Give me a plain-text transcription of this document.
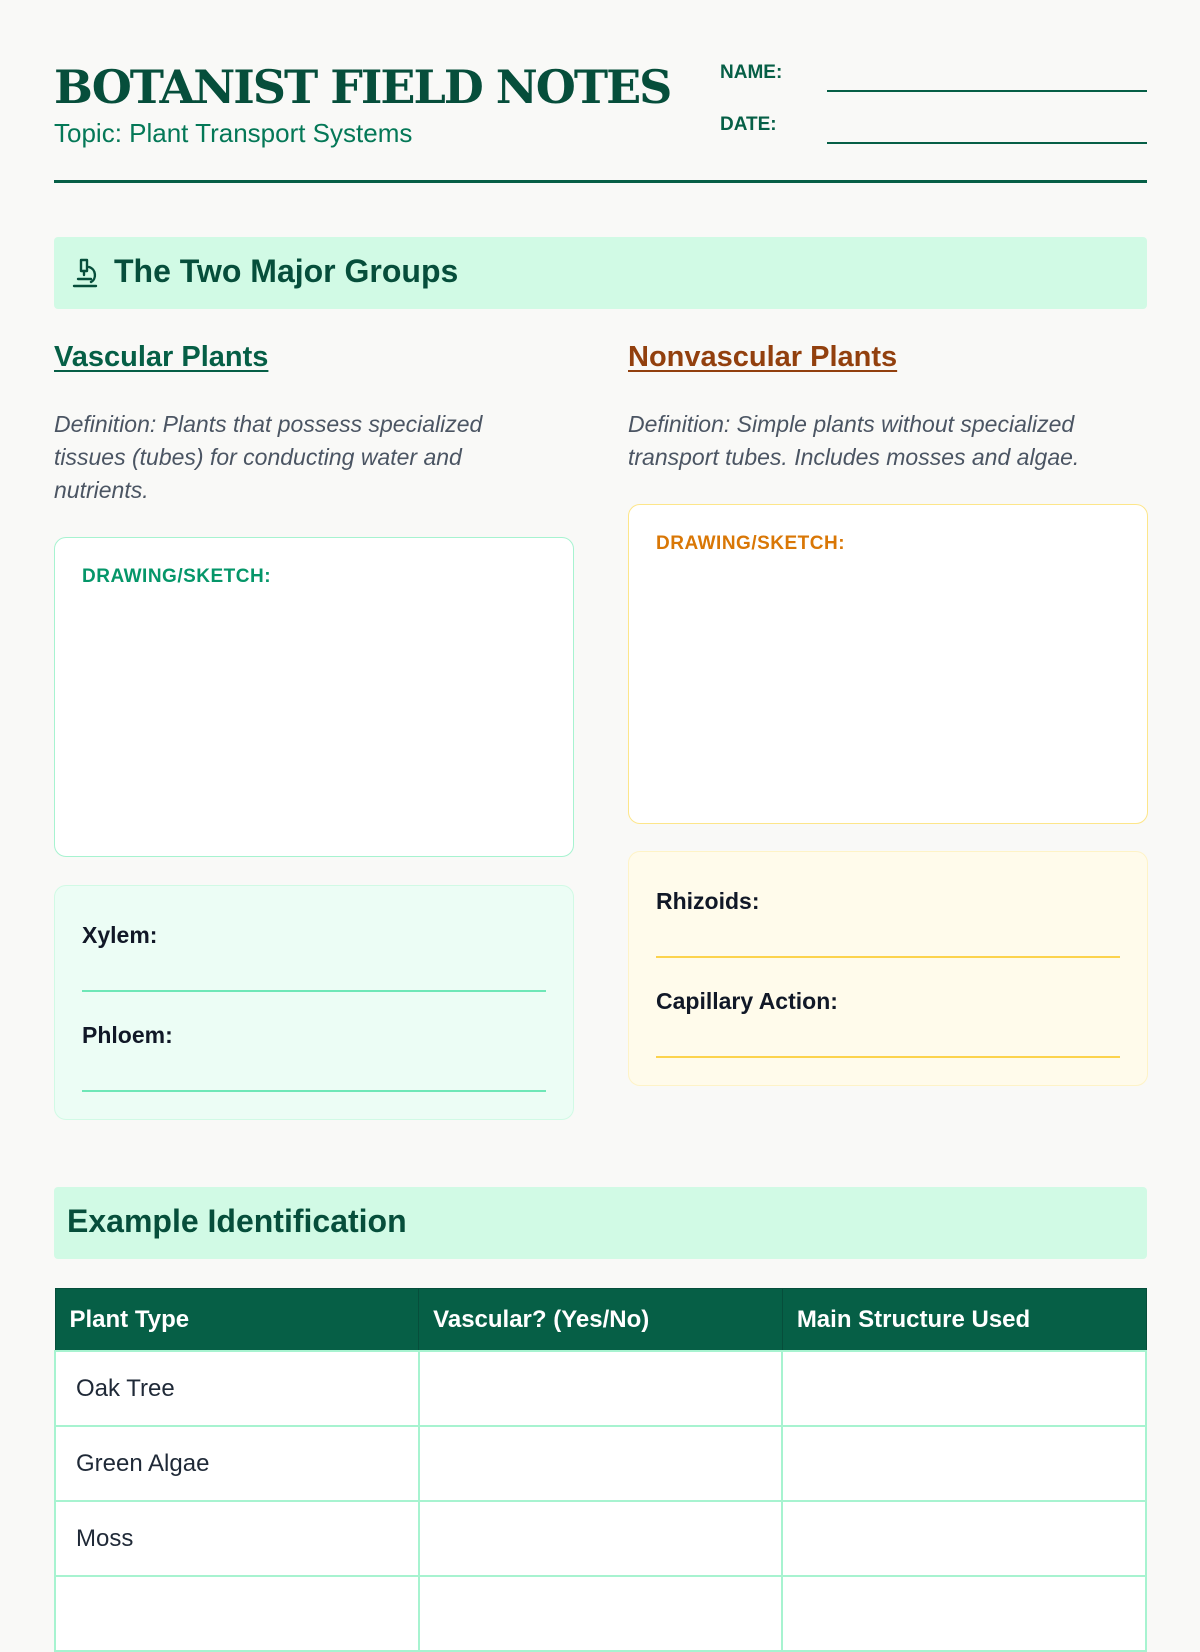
BOTANIST FIELD NOTES
Topic: Plant Transport Systems
NAME:
DATE:
The Two Major Groups
Vascular Plants
Definition: Plants that possess specialized tissues (tubes) for conducting water and nutrients.
DRAWING/SKETCH:
Xylem:
Phloem:
Nonvascular Plants
Definition: Simple plants without specialized transport tubes. Includes mosses and algae.
DRAWING/SKETCH:
Rhizoids:
Capillary Action:
Example Identification
Plant Type	Vascular? (Yes/No)	Main Structure Used
Oak Tree		
Green Algae		
Moss		
